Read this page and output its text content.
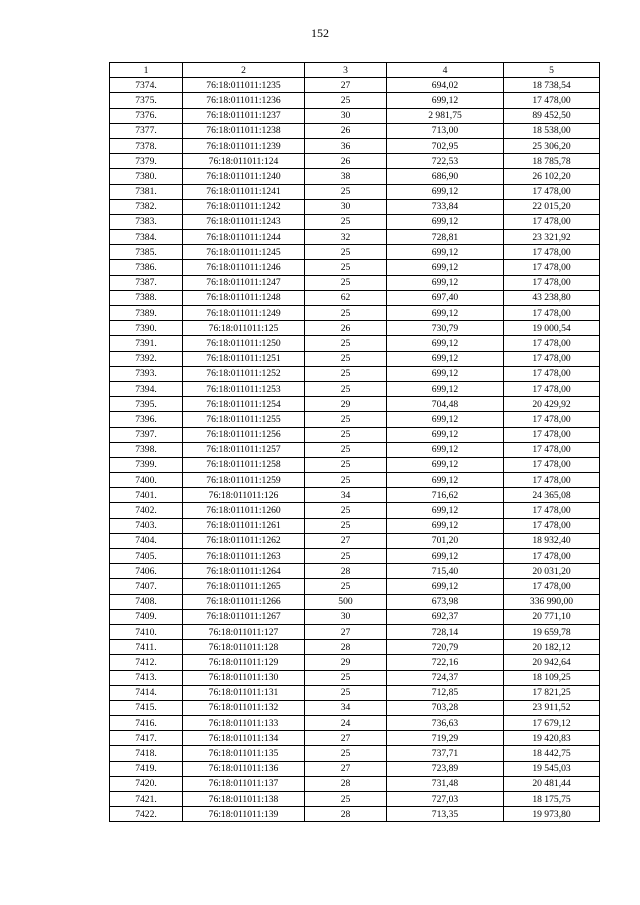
152
1	2	3	4	5
7374.	76:18:011011:1235	27	694,02	18 738,54
7375.	76:18:011011:1236	25	699,12	17 478,00
7376.	76:18:011011:1237	30	2 981,75	89 452,50
7377.	76:18:011011:1238	26	713,00	18 538,00
7378.	76:18:011011:1239	36	702,95	25 306,20
7379.	76:18:011011:124	26	722,53	18 785,78
7380.	76:18:011011:1240	38	686,90	26 102,20
7381.	76:18:011011:1241	25	699,12	17 478,00
7382.	76:18:011011:1242	30	733,84	22 015,20
7383.	76:18:011011:1243	25	699,12	17 478,00
7384.	76:18:011011:1244	32	728,81	23 321,92
7385.	76:18:011011:1245	25	699,12	17 478,00
7386.	76:18:011011:1246	25	699,12	17 478,00
7387.	76:18:011011:1247	25	699,12	17 478,00
7388.	76:18:011011:1248	62	697,40	43 238,80
7389.	76:18:011011:1249	25	699,12	17 478,00
7390.	76:18:011011:125	26	730,79	19 000,54
7391.	76:18:011011:1250	25	699,12	17 478,00
7392.	76:18:011011:1251	25	699,12	17 478,00
7393.	76:18:011011:1252	25	699,12	17 478,00
7394.	76:18:011011:1253	25	699,12	17 478,00
7395.	76:18:011011:1254	29	704,48	20 429,92
7396.	76:18:011011:1255	25	699,12	17 478,00
7397.	76:18:011011:1256	25	699,12	17 478,00
7398.	76:18:011011:1257	25	699,12	17 478,00
7399.	76:18:011011:1258	25	699,12	17 478,00
7400.	76:18:011011:1259	25	699,12	17 478,00
7401.	76:18:011011:126	34	716,62	24 365,08
7402.	76:18:011011:1260	25	699,12	17 478,00
7403.	76:18:011011:1261	25	699,12	17 478,00
7404.	76:18:011011:1262	27	701,20	18 932,40
7405.	76:18:011011:1263	25	699,12	17 478,00
7406.	76:18:011011:1264	28	715,40	20 031,20
7407.	76:18:011011:1265	25	699,12	17 478,00
7408.	76:18:011011:1266	500	673,98	336 990,00
7409.	76:18:011011:1267	30	692,37	20 771,10
7410.	76:18:011011:127	27	728,14	19 659,78
7411.	76:18:011011:128	28	720,79	20 182,12
7412.	76:18:011011:129	29	722,16	20 942,64
7413.	76:18:011011:130	25	724,37	18 109,25
7414.	76:18:011011:131	25	712,85	17 821,25
7415.	76:18:011011:132	34	703,28	23 911,52
7416.	76:18:011011:133	24	736,63	17 679,12
7417.	76:18:011011:134	27	719,29	19 420,83
7418.	76:18:011011:135	25	737,71	18 442,75
7419.	76:18:011011:136	27	723,89	19 545,03
7420.	76:18:011011:137	28	731,48	20 481,44
7421.	76:18:011011:138	25	727,03	18 175,75
7422.	76:18:011011:139	28	713,35	19 973,80
